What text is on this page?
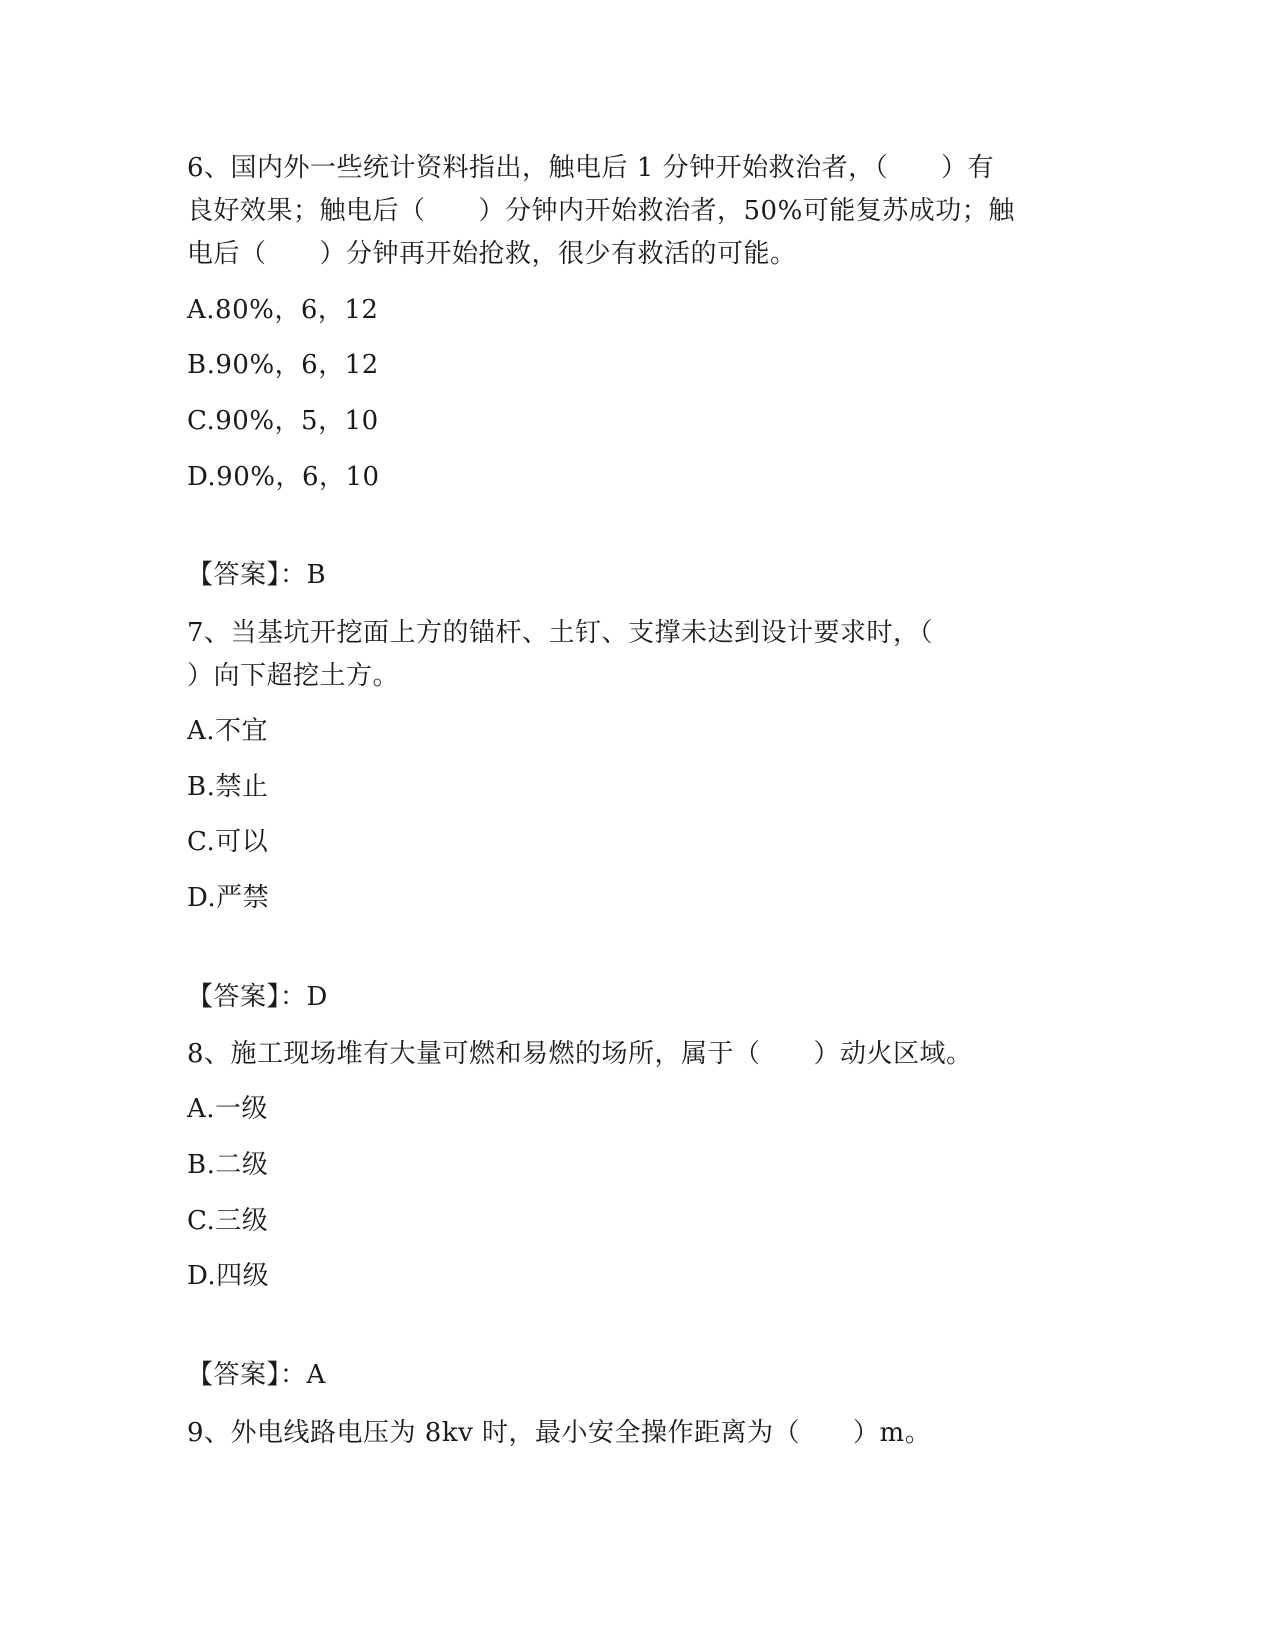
6、国内外一些统计资料指出，触电后 1 分钟开始救治者，（　　）有
良好效果；触电后（　　）分钟内开始救治者，50%可能复苏成功；触
电后（　　）分钟再开始抢救，很少有救活的可能。
A.80%，6，12
B.90%，6，12
C.90%，5，10
D.90%，6，10
【答案】：B
7、当基坑开挖面上方的锚杆、土钉、支撑未达到设计要求时，（
）向下超挖土方。
A.不宜
B.禁止
C.可以
D.严禁
【答案】：D
8、施工现场堆有大量可燃和易燃的场所，属于（　　）动火区域。
A.一级
B.二级
C.三级
D.四级
【答案】：A
9、外电线路电压为 8kv 时，最小安全操作距离为（　　）m。
